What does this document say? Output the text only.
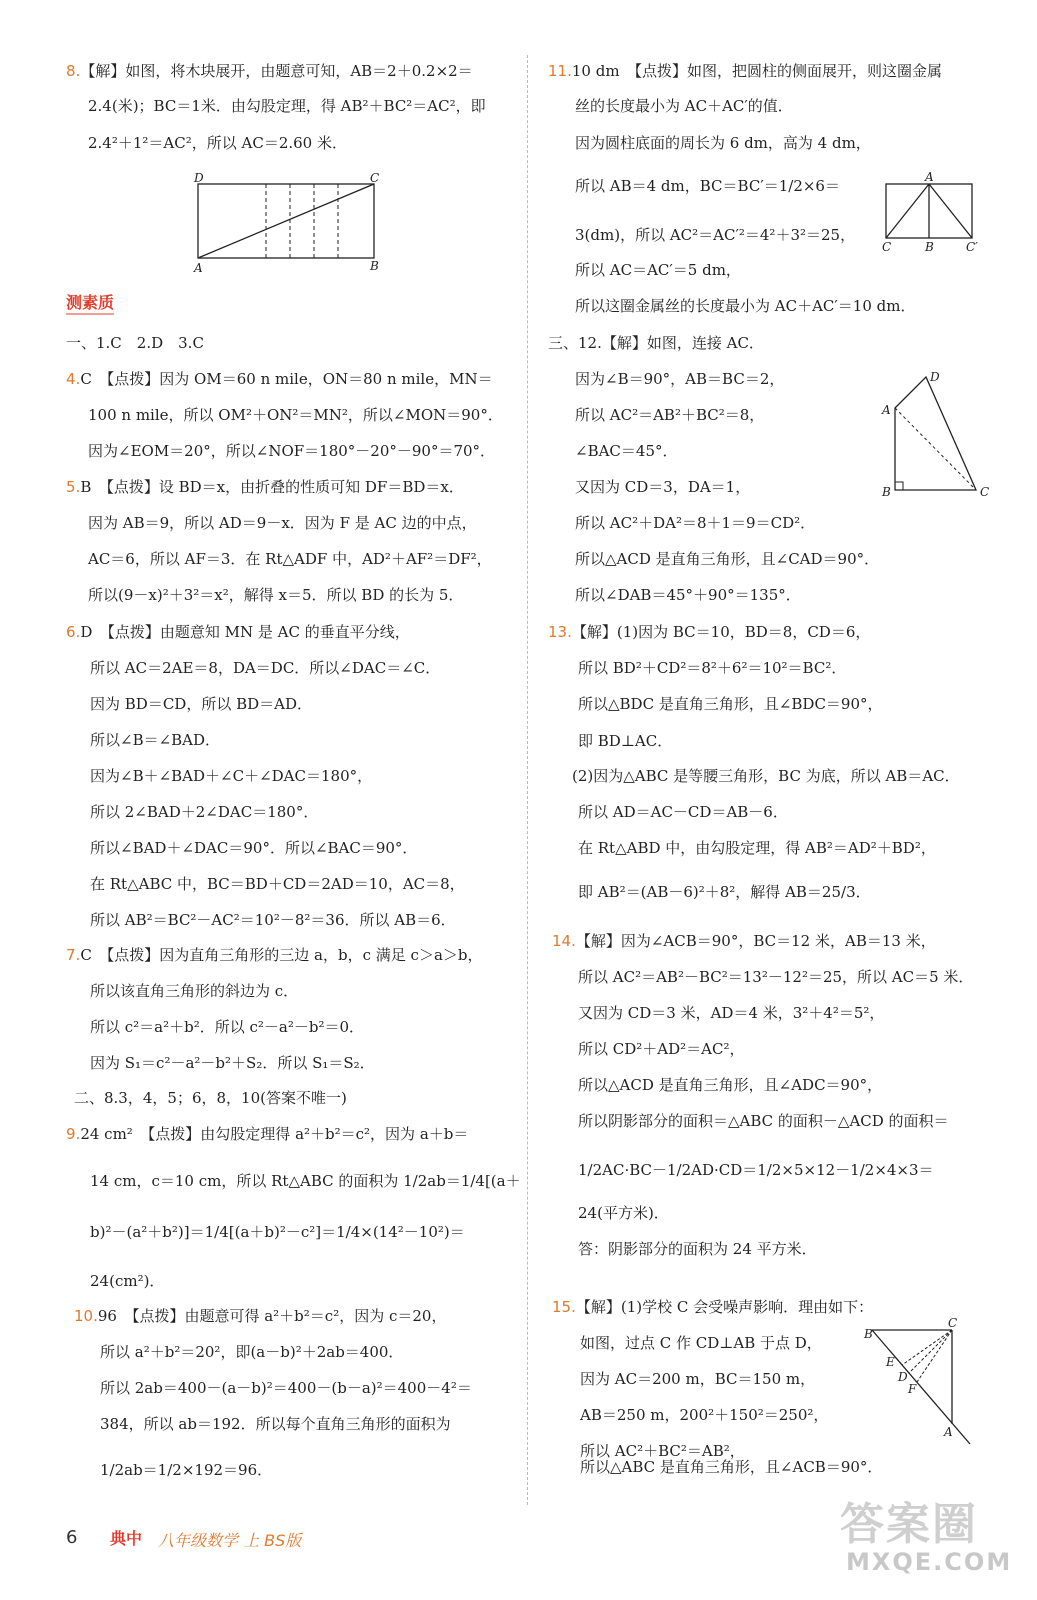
8.【解】如图，将木块展开，由题意可知，AB＝2＋0.2×2＝
2.4(米)；BC＝1米．由勾股定理，得 AB²＋BC²＝AC²，即
2.4²＋1²＝AC²，所以 AC＝2.60 米．
测素质
一、1.C　2.D　3.C
4.C　【点拨】因为 OM＝60 n mile，ON＝80 n mile，MN＝
100 n mile，所以 OM²＋ON²＝MN²，所以∠MON＝90°．
因为∠EOM＝20°，所以∠NOF＝180°－20°－90°＝70°．
5.B　【点拨】设 BD＝x，由折叠的性质可知 DF＝BD＝x．
因为 AB＝9，所以 AD＝9－x．因为 F 是 AC 边的中点，
AC＝6，所以 AF＝3．在 Rt△ADF 中，AD²＋AF²＝DF²，
所以(9－x)²＋3²＝x²，解得 x＝5．所以 BD 的长为 5．
6.D　【点拨】由题意知 MN 是 AC 的垂直平分线，
所以 AC＝2AE＝8，DA＝DC．所以∠DAC＝∠C．
因为 BD＝CD，所以 BD＝AD．
所以∠B＝∠BAD．
因为∠B＋∠BAD＋∠C＋∠DAC＝180°，
所以 2∠BAD＋2∠DAC＝180°．
所以∠BAD＋∠DAC＝90°．所以∠BAC＝90°．
在 Rt△ABC 中，BC＝BD＋CD＝2AD＝10，AC＝8，
所以 AB²＝BC²－AC²＝10²－8²＝36．所以 AB＝6．
7.C　【点拨】因为直角三角形的三边 a，b，c 满足 c＞a＞b，
所以该直角三角形的斜边为 c．
所以 c²＝a²＋b²．所以 c²－a²－b²＝0．
因为 S₁＝c²－a²－b²＋S₂．所以 S₁＝S₂．
二、8.3，4，5；6，8，10(答案不唯一)
9.24 cm²　【点拨】由勾股定理得 a²＋b²＝c²，因为 a＋b＝
14 cm，c＝10 cm，所以 Rt△ABC 的面积为 1/2ab＝1/4[(a＋
b)²－(a²＋b²)]＝1/4[(a＋b)²－c²]＝1/4×(14²－10²)＝
24(cm²)．
10.96　【点拨】由题意可得 a²＋b²＝c²，因为 c＝20，
所以 a²＋b²＝20²，即(a－b)²＋2ab＝400．
所以 2ab＝400－(a－b)²＝400－(b－a)²＝400－4²＝
384，所以 ab＝192．所以每个直角三角形的面积为
1/2ab＝1/2×192＝96．
11.10 dm　【点拨】如图，把圆柱的侧面展开，则这圈金属
丝的长度最小为 AC＋AC′的值．
因为圆柱底面的周长为 6 dm，高为 4 dm，
所以 AB＝4 dm，BC＝BC′＝1/2×6＝
3(dm)，所以 AC²＝AC′²＝4²＋3²＝25，
所以 AC＝AC′＝5 dm，
所以这圈金属丝的长度最小为 AC＋AC′＝10 dm．
三、12.【解】如图，连接 AC．
因为∠B＝90°，AB＝BC＝2，
所以 AC²＝AB²＋BC²＝8，
∠BAC＝45°．
又因为 CD＝3，DA＝1，
所以 AC²＋DA²＝8＋1＝9＝CD²．
所以△ACD 是直角三角形，且∠CAD＝90°．
所以∠DAB＝45°＋90°＝135°．
13.【解】(1)因为 BC＝10，BD＝8，CD＝6，
所以 BD²＋CD²＝8²＋6²＝10²＝BC²．
所以△BDC 是直角三角形，且∠BDC＝90°，
即 BD⊥AC．
(2)因为△ABC 是等腰三角形，BC 为底，所以 AB＝AC．
所以 AD＝AC－CD＝AB－6．
在 Rt△ABD 中，由勾股定理，得 AB²＝AD²＋BD²，
即 AB²＝(AB－6)²＋8²，解得 AB＝25/3．
14.【解】因为∠ACB＝90°，BC＝12 米，AB＝13 米，
所以 AC²＝AB²－BC²＝13²－12²＝25，所以 AC＝5 米．
又因为 CD＝3 米，AD＝4 米，3²＋4²＝5²，
所以 CD²＋AD²＝AC²，
所以△ACD 是直角三角形，且∠ADC＝90°，
所以阴影部分的面积＝△ABC 的面积－△ACD 的面积＝
1/2AC·BC－1/2AD·CD＝1/2×5×12－1/2×4×3＝
24(平方米)．
答：阴影部分的面积为 24 平方米．
15.【解】(1)学校 C 会受噪声影响．理由如下：
如图，过点 C 作 CD⊥AB 于点 D，
因为 AC＝200 m，BC＝150 m，
AB＝250 m，200²＋150²＝250²，
所以 AC²＋BC²＝AB²，
所以△ABC 是直角三角形，且∠ACB＝90°．
D	C
A	B
A
C	B	C′
D
A
B	C
B
C
E
F
D
A
6 典中 八年级数学 上 BS版	答案圈
MXQE.COM
